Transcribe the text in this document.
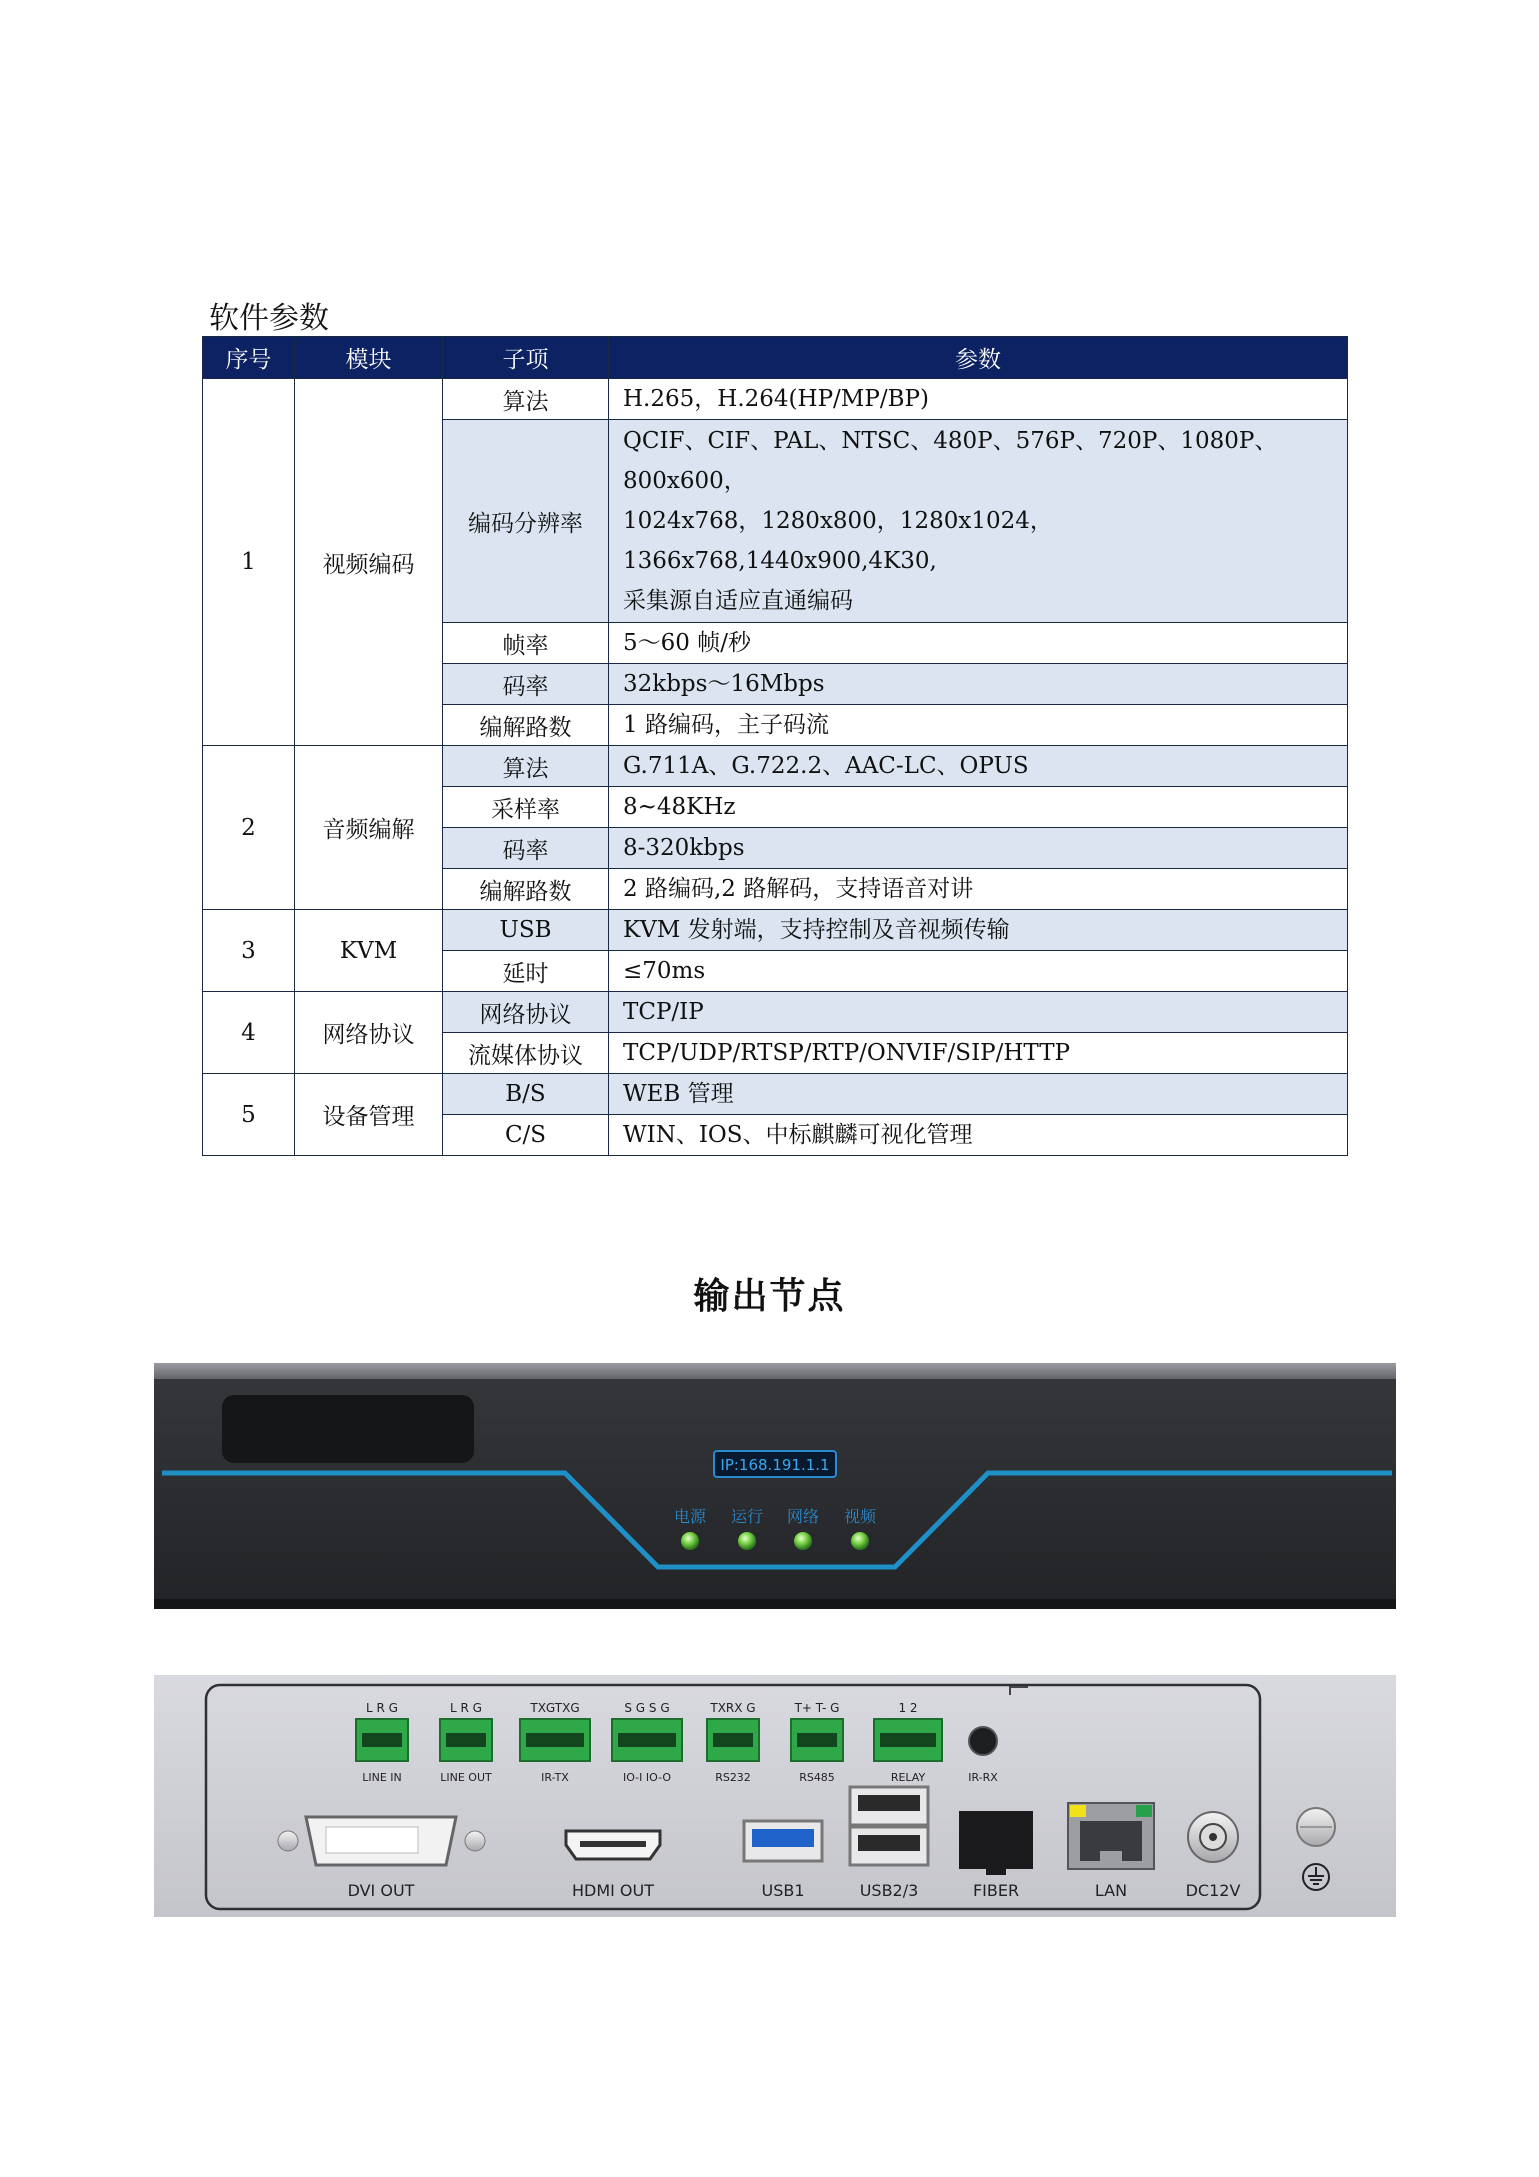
软件参数
序号	模块	子项	参数
1	视频编码	算法	H.265，H.264(HP/MP/BP)
		编码分辨率	QCIF、CIF、PAL、NTSC、480P、576P、720P、1080P、800x600，
1024x768，1280x800，1280x1024，1366x768,1440x900,4K30,
采集源自适应直通编码

		帧率	5～60 帧/秒
		码率	32kbps～16Mbps
		编解路数	1 路编码，主子码流
2	音频编解	算法	G.711A、G.722.2、AAC-LC、OPUS
		采样率	8~48KHz
		码率	8-320kbps
		编解路数	2 路编码,2 路解码，支持语音对讲
3	KVM	USB	KVM 发射端，支持控制及音视频传输
		延时	≤70ms
4	网络协议	网络协议	TCP/IP
		流媒体协议	TCP/UDP/RTSP/RTP/ONVIF/SIP/HTTP
5	设备管理	B/S	WEB 管理
		C/S	WIN、IOS、中标麒麟可视化管理
输出节点
IP:168.191.1.1
电源 运行 网络 视频
L R G
LINE IN
L R G
LINE OUT
TXGTXG
IR-TX
S G S G
IO-I IO-O
TXRX G
RS232
T+ T- G
RS485
1 2
RELAY	IR-RX
DVI OUT	HDMI OUT	USB1	USB2/3	FIBER	LAN	DC12V
